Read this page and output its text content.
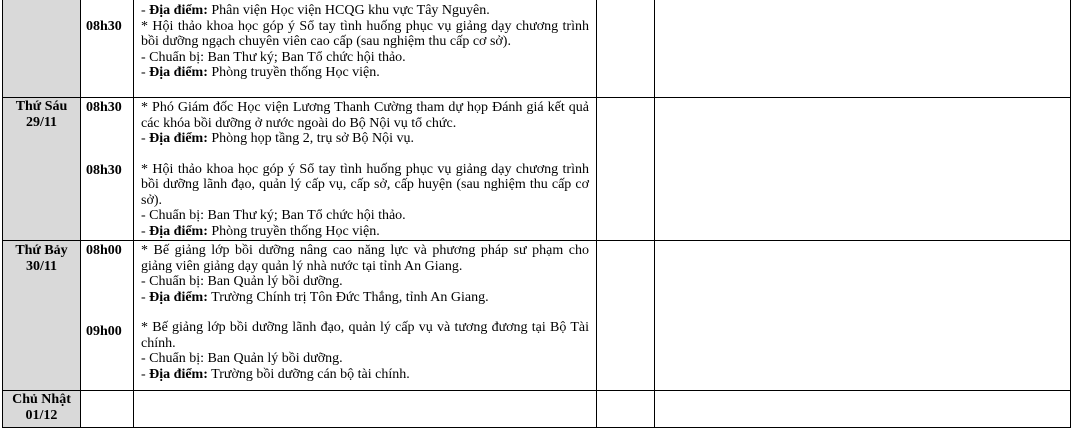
Thứ Sáu
29/11
Thứ Bảy
30/11
Chủ Nhật
01/12
08h30
08h30
08h30
08h00
09h00

- Địa điểm: Phân viện Học viện HCQG khu vực Tây Nguyên.

* Hội thảo khoa học góp ý Sổ tay tình huống phục vụ giảng dạy chương trình bồi dưỡng ngạch chuyên viên cao cấp (sau nghiệm thu cấp cơ sở).

- Chuẩn bị: Ban Thư ký; Ban Tổ chức hội thảo.

- Địa điểm: Phòng truyền thống Học viện.

* Phó Giám đốc Học viện Lương Thanh Cường tham dự họp Đánh giá kết quả các khóa bồi dưỡng ở nước ngoài do Bộ Nội vụ tổ chức.

- Địa điểm: Phòng họp tầng 2, trụ sở Bộ Nội vụ.

* Hội thảo khoa học góp ý Sổ tay tình huống phục vụ giảng dạy chương trình bồi dưỡng lãnh đạo, quản lý cấp vụ, cấp sở, cấp huyện (sau nghiệm thu cấp cơ sở).

- Chuẩn bị: Ban Thư ký; Ban Tổ chức hội thảo.

- Địa điểm: Phòng truyền thống Học viện.

* Bế giảng lớp bồi dưỡng nâng cao năng lực và phương pháp sư phạm cho giảng viên giảng dạy quản lý nhà nước tại tỉnh An Giang.

- Chuẩn bị: Ban Quản lý bồi dưỡng.

- Địa điểm: Trường Chính trị Tôn Đức Thắng, tỉnh An Giang.

* Bế giảng lớp bồi dưỡng lãnh đạo, quản lý cấp vụ và tương đương tại Bộ Tài chính.

- Chuẩn bị: Ban Quản lý bồi dưỡng.

- Địa điểm: Trường bồi dưỡng cán bộ tài chính.
